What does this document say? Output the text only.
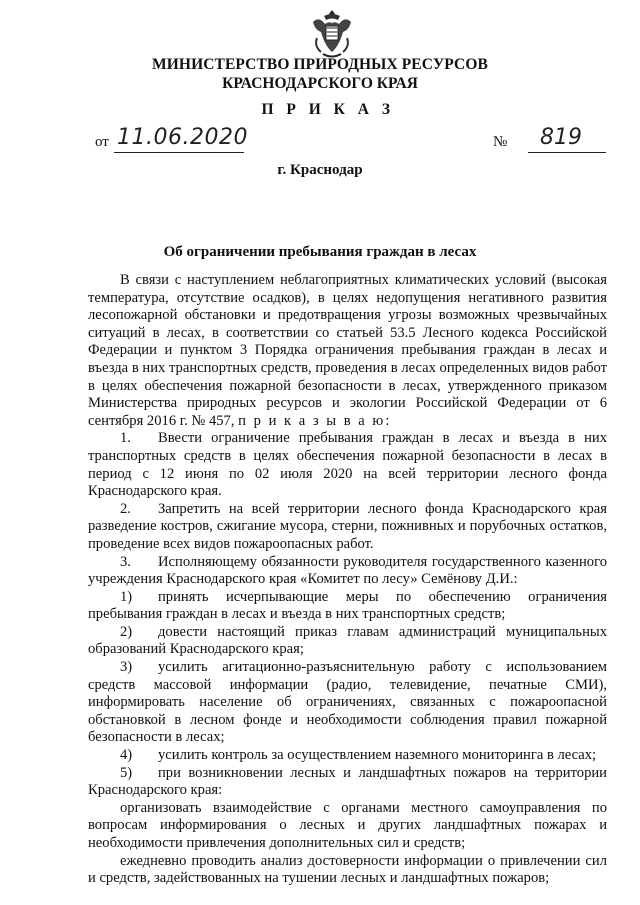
МИНИСТЕРСТВО ПРИРОДНЫХ РЕСУРСОВ
КРАСНОДАРСКОГО КРАЯ
П Р И К А З
от 11.06.2020	№ 819
г. Краснодар
Об ограничении пребывания граждан в лесах

В связи с наступлением неблагоприятных климатических условий (высокая температура, отсутствие осадков), в целях недопущения негативного развития лесопожарной обстановки и предотвращения угрозы возможных чрезвычайных ситуаций в лесах, в соответствии со статьей 53.5 Лесного кодекса Российской Федерации и пунктом 3 Порядка ограничения пребывания граждан в лесах и въезда в них транспортных средств, проведения в лесах определенных видов работ в целях обеспечения пожарной безопасности в лесах, утвержденного приказом Министерства природных ресурсов и экологии Российской Федерации от 6 сентября 2016 г. № 457, п р и к а з ы в а ю:

1. Ввести ограничение пребывания граждан в лесах и въезда в них транспортных средств в целях обеспечения пожарной безопасности в лесах в период с 12 июня по 02 июля 2020 на всей территории лесного фонда Краснодарского края.

2. Запретить на всей территории лесного фонда Краснодарского края разведение костров, сжигание мусора, стерни, пожнивных и порубочных остатков, проведение всех видов пожароопасных работ.

3. Исполняющему обязанности руководителя государственного казенного учреждения Краснодарского края «Комитет по лесу» Семёнову Д.И.:

1) принять исчерпывающие меры по обеспечению ограничения пребывания граждан в лесах и въезда в них транспортных средств;

2) довести настоящий приказ главам администраций муниципальных образований Краснодарского края;

3) усилить агитационно-разъяснительную работу с использованием средств массовой информации (радио, телевидение, печатные СМИ), информировать население об ограничениях, связанных с пожароопасной обстановкой в лесном фонде и необходимости соблюдения правил пожарной безопасности в лесах;

4) усилить контроль за осуществлением наземного мониторинга в лесах;

5) при возникновении лесных и ландшафтных пожаров на территории Краснодарского края:

организовать взаимодействие с органами местного самоуправления по вопросам информирования о лесных и других ландшафтных пожарах и необходимости привлечения дополнительных сил и средств;

ежедневно проводить анализ достоверности информации о привлечении сил и средств, задействованных на тушении лесных и ландшафтных пожаров;
